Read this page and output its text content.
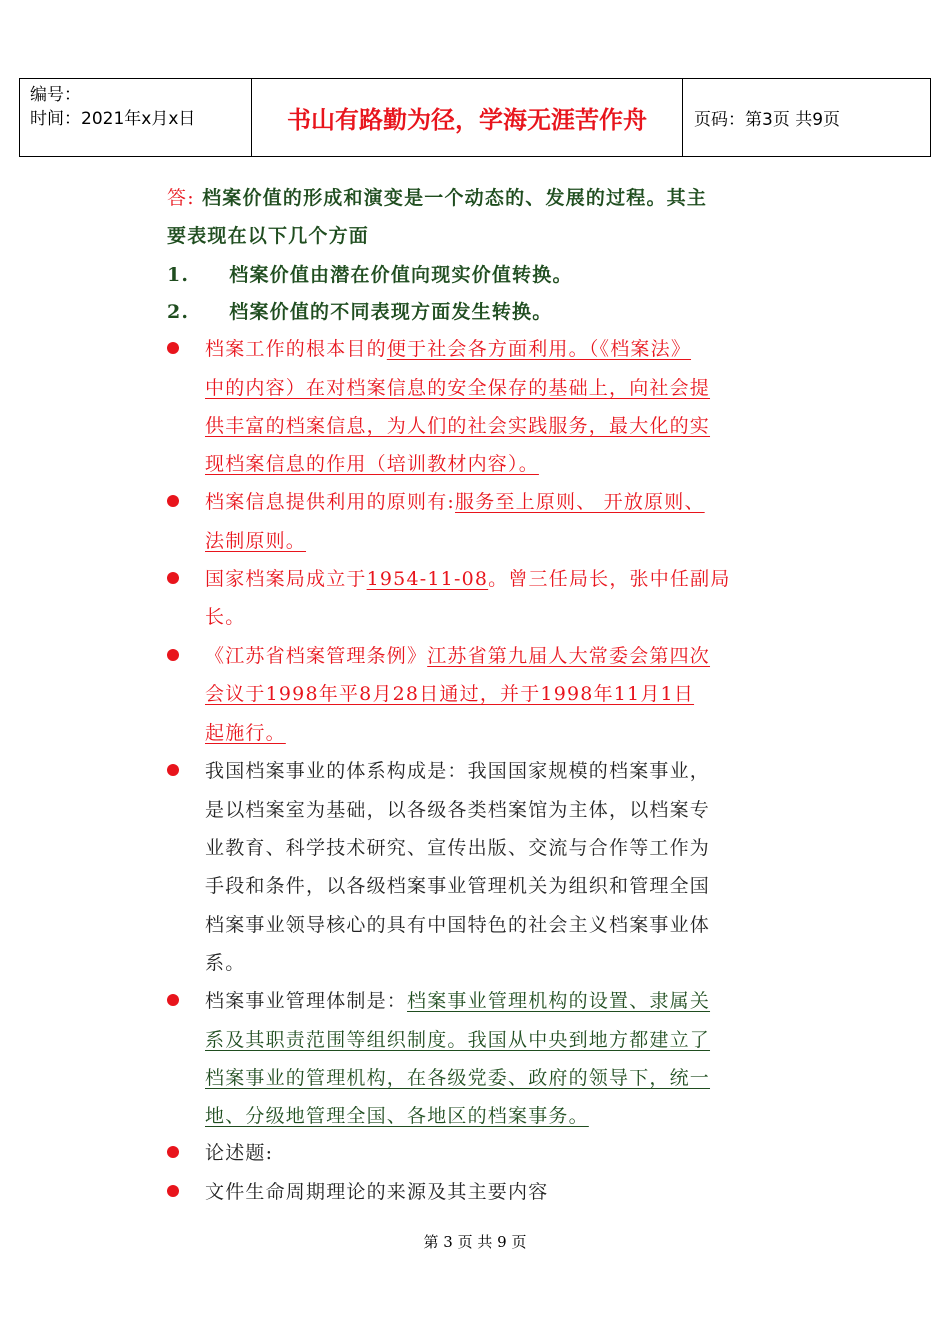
编号：
时间：2021年x月x日	书山有路勤为径，学海无涯苦作舟	页码：第3页 共9页
答: 档案价值的形成和演变是一个动态的、发展的过程。其主
要表现在以下几个方面
1. 档案价值由潜在价值向现实价值转换。
2. 档案价值的不同表现方面发生转换。
档案工作的根本目的便于社会各方面利用。（《档案法》
中的内容）在对档案信息的安全保存的基础上，向社会提
供丰富的档案信息，为人们的社会实践服务，最大化的实
现档案信息的作用（培训教材内容）。
档案信息提供利用的原则有:服务至上原则、 开放原则、
法制原则。
国家档案局成立于1954-11-08。曾三任局长，张中任副局
长。
《江苏省档案管理条例》江苏省第九届人大常委会第四次
会议于1998年平8月28日通过，并于1998年11月1日
起施行。
我国档案事业的体系构成是：我国国家规模的档案事业，
是以档案室为基础，以各级各类档案馆为主体，以档案专
业教育、科学技术研究、宣传出版、交流与合作等工作为
手段和条件，以各级档案事业管理机关为组织和管理全国
档案事业领导核心的具有中国特色的社会主义档案事业体
系。
档案事业管理体制是：档案事业管理机构的设置、隶属关
系及其职责范围等组织制度。我国从中央到地方都建立了
档案事业的管理机构，在各级党委、政府的领导下，统一
地、分级地管理全国、各地区的档案事务。
论述题:
文件生命周期理论的来源及其主要内容
第 3 页 共 9 页
